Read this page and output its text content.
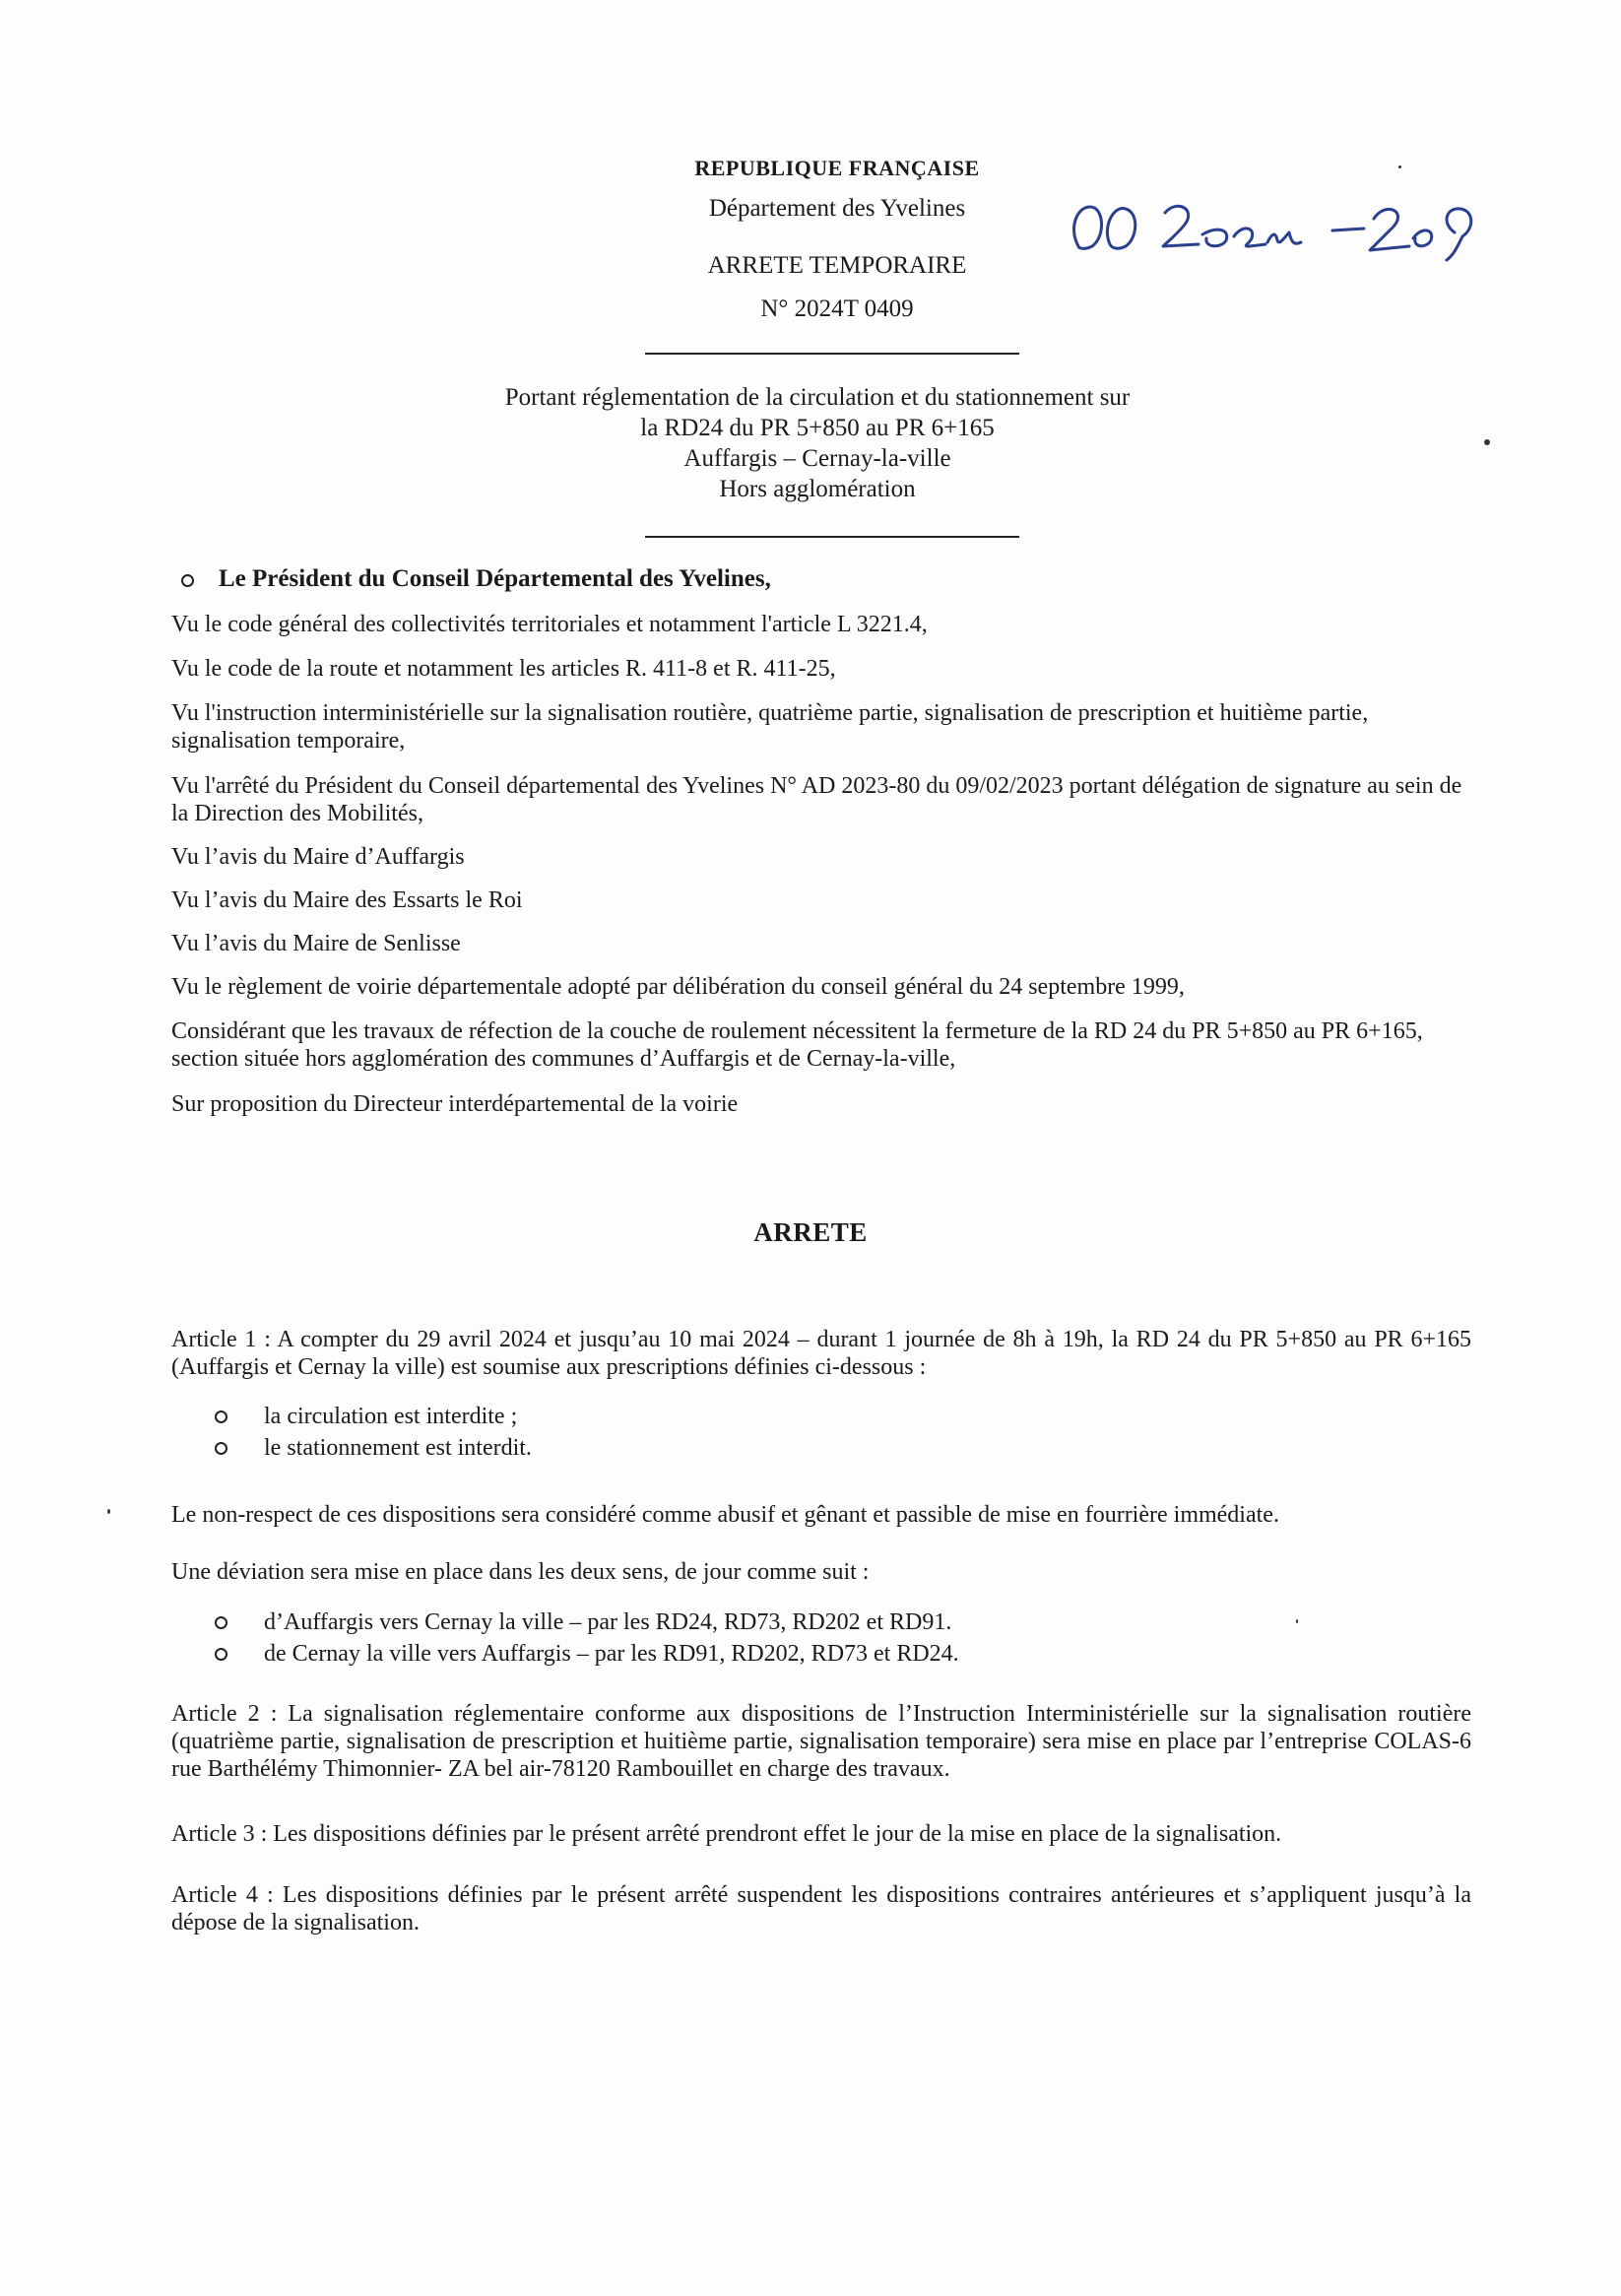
REPUBLIQUE FRANÇAISE
Département des Yvelines
ARRETE TEMPORAIRE
N° 2024T 0409
Portant réglementation de la circulation et du stationnement sur
la RD24 du PR 5+850 au PR 6+165
Auffargis – Cernay-la-ville
Hors agglomération
Le Président du Conseil Départemental des Yvelines,
Vu le code général des collectivités territoriales et notamment l'article L 3221.4,
Vu le code de la route et notamment les articles R. 411-8 et R. 411-25,
Vu l'instruction interministérielle sur la signalisation routière, quatrième partie, signalisation de prescription et huitième partie, signalisation temporaire,
Vu l'arrêté du Président du Conseil départemental des Yvelines N° AD 2023-80 du 09/02/2023 portant délégation de signature au sein de la Direction des Mobilités,
Vu l’avis du Maire d’Auffargis
Vu l’avis du Maire des Essarts le Roi
Vu l’avis du Maire de Senlisse
Vu le règlement de voirie départementale adopté par délibération du conseil général du 24 septembre 1999,
Considérant que les travaux de réfection de la couche de roulement nécessitent la fermeture de la RD 24 du PR 5+850 au PR 6+165, section située hors agglomération des communes d’Auffargis et de Cernay-la-ville,
Sur proposition du Directeur interdépartemental de la voirie
ARRETE
Article 1 : A compter du 29 avril 2024 et jusqu’au 10 mai 2024 – durant 1 journée de 8h à 19h, la RD 24 du PR 5+850 au PR 6+165 (Auffargis et Cernay la ville) est soumise aux prescriptions définies ci-dessous :
la circulation est interdite ;
le stationnement est interdit.
Le non-respect de ces dispositions sera considéré comme abusif et gênant et passible de mise en fourrière immédiate.
Une déviation sera mise en place dans les deux sens, de jour comme suit :
d’Auffargis vers Cernay la ville – par les RD24, RD73, RD202 et RD91.
de Cernay la ville vers Auffargis – par les RD91, RD202, RD73 et RD24.
Article 2 : La signalisation réglementaire conforme aux dispositions de l’Instruction Interministérielle sur la signalisation routière (quatrième partie, signalisation de prescription et huitième partie, signalisation temporaire) sera mise en place par l’entreprise COLAS-6 rue Barthélémy Thimonnier- ZA bel air-78120 Rambouillet en charge des travaux.
Article 3 : Les dispositions définies par le présent arrêté prendront effet le jour de la mise en place de la signalisation.
Article 4 : Les dispositions définies par le présent arrêté suspendent les dispositions contraires antérieures et s’appliquent jusqu’à la dépose de la signalisation.
